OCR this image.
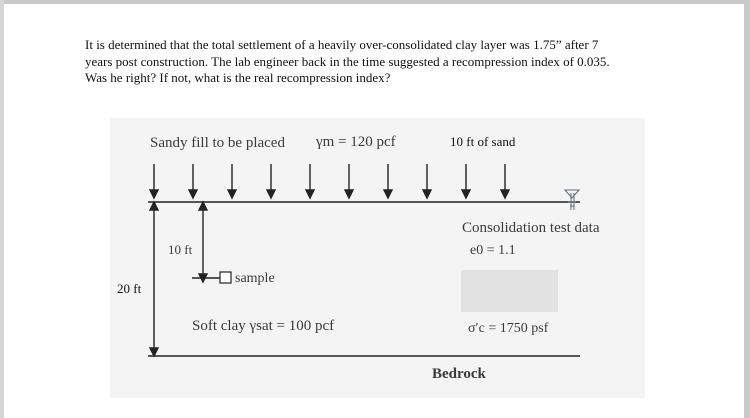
It is determined that the total settlement of a heavily over-consolidated clay layer was 1.75” after 7

years post construction. The lab engineer back in the time suggested a recompression index of 0.035.

Was he right? If not, what is the real recompression index?

Sandy fill to be placed γm = 120 pcf	10 ft of sand
Consolidation test data
e0 = 1.1
10 ft
20 ft
sample
Soft clay γsat = 100 pcf	σ′c = 1750 psf
Bedrock
